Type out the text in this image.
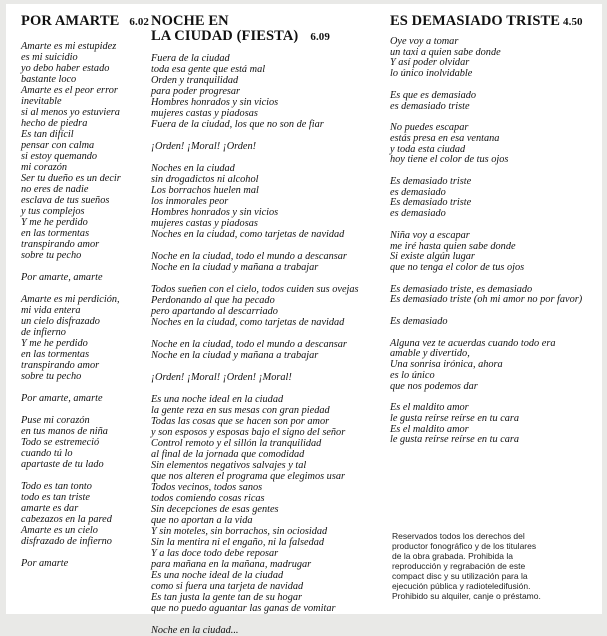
POR AMARTE 6.02
Amarte es mi estupidez
es mi suicidio
yo debo haber estado
bastante loco
Amarte es el peor error
inevitable
si al menos yo estuviera
hecho de piedra
Es tan difícil
pensar con calma
si estoy quemando
mi corazón
Ser tu dueño es un decir
no eres de nadie
esclava de tus sueños
y tus complejos
Y me he perdido
en las tormentas
transpirando amor
sobre tu pecho
Por amarte, amarte
Amarte es mi perdición,
mi vida entera
un cielo disfrazado
de infierno
Y me he perdido
en las tormentas
transpirando amor
sobre tu pecho
Por amarte, amarte
Puse mi corazón
en tus manos de niña
Todo se estremeció
cuando tú lo
apartaste de tu lado
Todo es tan tonto
todo es tan triste
amarte es dar
cabezazos en la pared
Amarte es un cielo
disfrazado de infierno
Por amarte
NOCHE EN
LA CIUDAD (FIESTA) 6.09
Fuera de la ciudad
toda esa gente que está mal
Orden y tranquilidad
para poder progresar
Hombres honrados y sin vicios
mujeres castas y piadosas
Fuera de la ciudad, los que no son de fiar
¡Orden! ¡Moral! ¡Orden!
Noches en la ciudad
sin drogadictos ni alcohol
Los borrachos huelen mal
los inmorales peor
Hombres honrados y sin vicios
mujeres castas y piadosas
Noches en la ciudad, como tarjetas de navidad
Noche en la ciudad, todo el mundo a descansar
Noche en la ciudad y mañana a trabajar
Todos sueñen con el cielo, todos cuiden sus ovejas
Perdonando al que ha pecado
pero apartando al descarriado
Noches en la ciudad, como tarjetas de navidad
Noche en la ciudad, todo el mundo a descansar
Noche en la ciudad y mañana a trabajar
¡Orden! ¡Moral! ¡Orden! ¡Moral!
Es una noche ideal en la ciudad
la gente reza en sus mesas con gran piedad
Todas las cosas que se hacen son por amor
y son esposos y esposas bajo el signo del señor
Control remoto y el sillón la tranquilidad
al final de la jornada que comodidad
Sin elementos negativos salvajes y tal
que nos alteren el programa que elegimos usar
Todos vecinos, todos sanos
todos comiendo cosas ricas
Sin decepciones de esas gentes
que no aportan a la vida
Y sin moteles, sin borrachos, sin ociosidad
Sin la mentira ni el engaño, ni la falsedad
Y a las doce todo debe reposar
para mañana en la mañana, madrugar
Es una noche ideal de la ciudad
como si fuera una tarjeta de navidad
Es tan justa la gente tan de su hogar
que no puedo aguantar las ganas de vomitar
Noche en la ciudad...
ES DEMASIADO TRISTE 4.50
Oye voy a tomar
un taxi a quien sabe donde
Y así poder olvidar
lo único inolvidable
Es que es demasiado
es demasiado triste
No puedes escapar
estás presa en esa ventana
y toda esta ciudad
hoy tiene el color de tus ojos
Es demasiado triste
es demasiado
Es demasiado triste
es demasiado
Niña voy a escapar
me iré hasta quien sabe donde
Si existe algún lugar
que no tenga el color de tus ojos
Es demasiado triste, es demasiado
Es demasiado triste (oh mi amor no por favor)
Es demasiado
Alguna vez te acuerdas cuando todo era
amable y divertido,
Una sonrisa irónica, ahora
es lo único
que nos podemos dar
Es el maldito amor
le gusta reírse reírse en tu cara
Es el maldito amor
le gusta reírse reírse en tu cara
Reservados todos los derechos del
productor fonográfico y de los titulares
de la obra grabada. Prohibida la
reproducción y regrabación de este
compact disc y su utilización para la
ejecución pública y radioteledifusión.
Prohibido su alquiler, canje o préstamo.
